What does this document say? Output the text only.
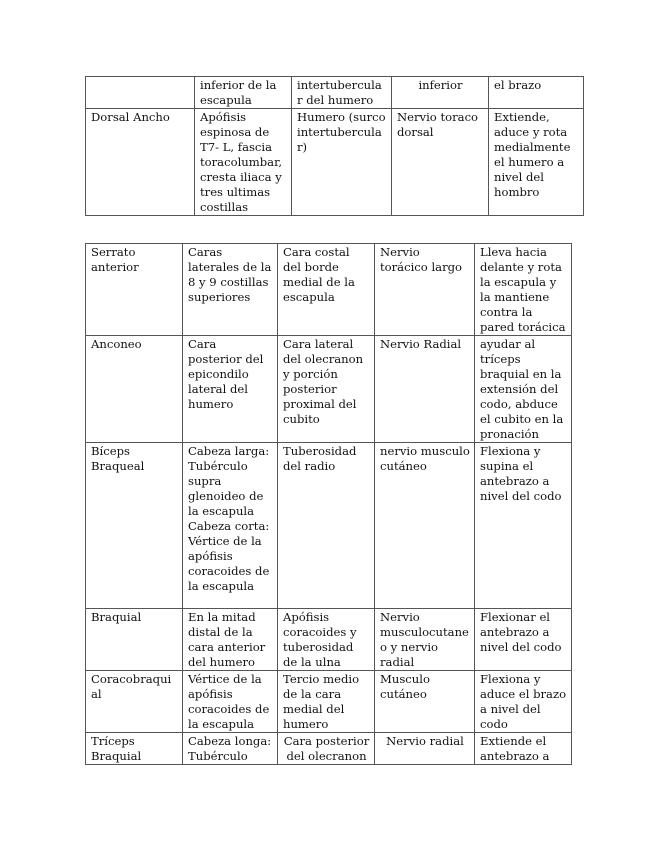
	inferior de la escapula	intertubercular del humero	inferior	el brazo
Dorsal Ancho	Apófisis espinosa de T7- L, fascia toracolumbar, cresta iliaca y tres ultimas costillas	Humero (surco intertubercular)	Nervio toraco dorsal	Extiende, aduce y rota medialmente el humero a nivel del hombro
Serrato anterior	Caras laterales de la 8 y 9 costillas superiores	Cara costal del borde medial de la escapula	Nervio torácico largo	Lleva hacia delante y rota la escapula y la mantiene contra la pared torácica
Anconeo	Cara posterior del epicondilo lateral del humero	Cara lateral del olecranon y porción posterior proximal del cubito	Nervio Radial	ayudar al tríceps braquial en la extensión del codo, abduce el cubito en la pronación
Bíceps Braqueal	Cabeza larga: Tubérculo supra glenoideo de la escapula Cabeza corta: Vértice de la apófisis coracoides de la escapula	Tuberosidad del radio	nervio musculo cutáneo	Flexiona y supina el antebrazo a nivel del codo
Braquial	En la mitad distal de la cara anterior del humero	Apófisis coracoides y tuberosidad de la ulna	Nervio musculocutaneo y nervio radial	Flexionar el antebrazo a nivel del codo
Coracobraquial	Vértice de la apófisis coracoides de la escapula	Tercio medio de la cara medial del humero	Musculo cutáneo	Flexiona y aduce el brazo a nivel del codo
Tríceps Braquial	Cabeza longa: Tubérculo	Cara posterior del olecranon	Nervio radial	Extiende el antebrazo a
